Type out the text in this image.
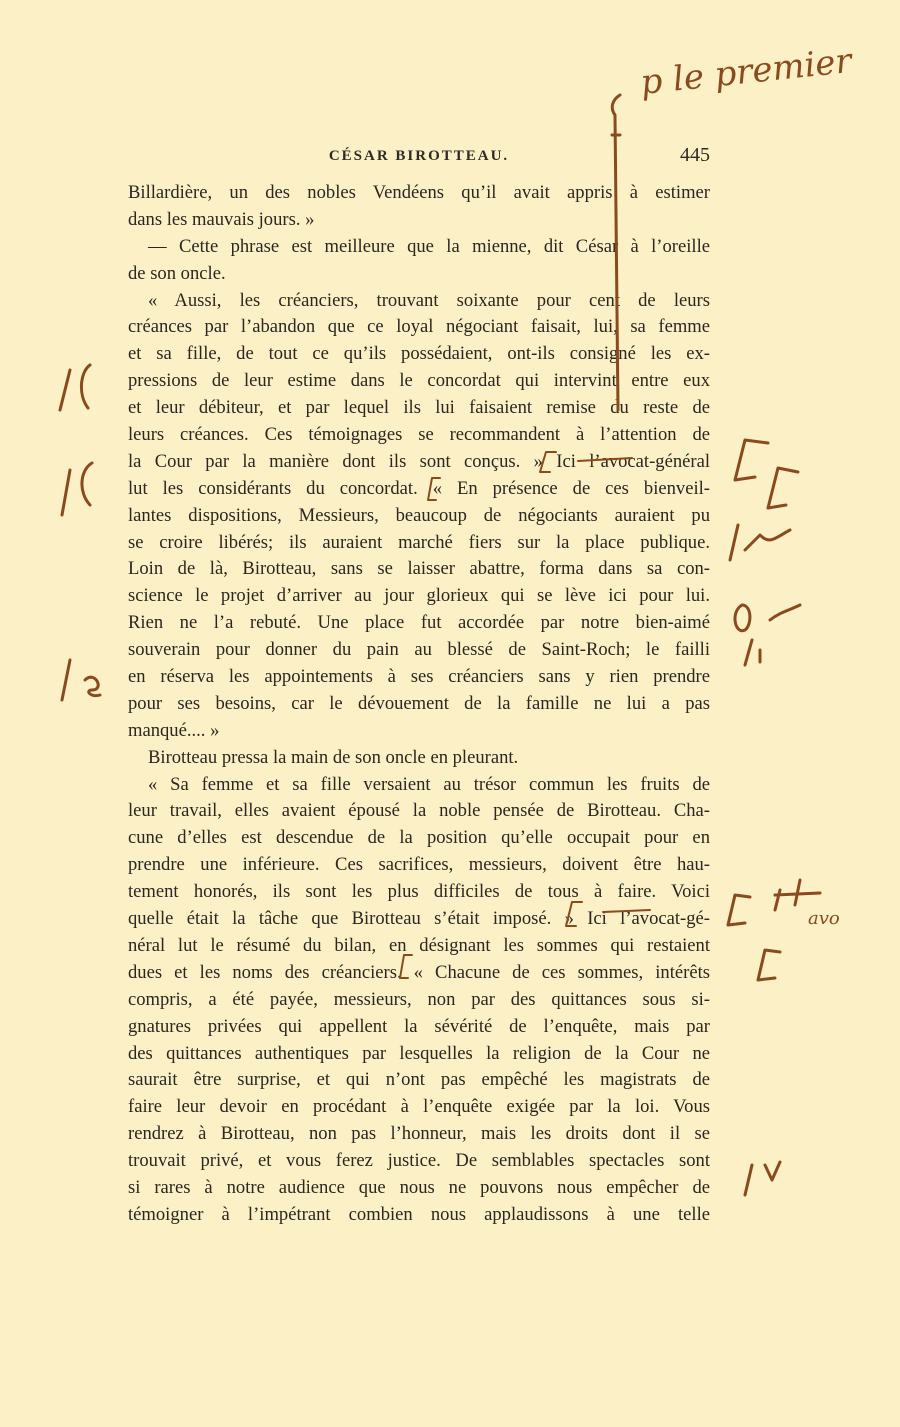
CÉSAR BIROTTEAU.	445
Billardière, un des nobles Vendéens qu’il avait appris à estimer
dans les mauvais jours. »
— Cette phrase est meilleure que la mienne, dit César à l’oreille
de son oncle.
« Aussi, les créanciers, trouvant soixante pour cent de leurs
créances par l’abandon que ce loyal négociant faisait, lui, sa femme
et sa fille, de tout ce qu’ils possédaient, ont-ils consigné les ex-
pressions de leur estime dans le concordat qui intervint entre eux
et leur débiteur, et par lequel ils lui faisaient remise du reste de
leurs créances. Ces témoignages se recommandent à l’attention de
la Cour par la manière dont ils sont conçus. » Ici l’avocat-général
lut les considérants du concordat. « En présence de ces bienveil-
lantes dispositions, Messieurs, beaucoup de négociants auraient pu
se croire libérés; ils auraient marché fiers sur la place publique.
Loin de là, Birotteau, sans se laisser abattre, forma dans sa con-
science le projet d’arriver au jour glorieux qui se lève ici pour lui.
Rien ne l’a rebuté. Une place fut accordée par notre bien-aimé
souverain pour donner du pain au blessé de Saint-Roch; le failli
en réserva les appointements à ses créanciers sans y rien prendre
pour ses besoins, car le dévouement de la famille ne lui a pas
manqué.... »
Birotteau pressa la main de son oncle en pleurant.
« Sa femme et sa fille versaient au trésor commun les fruits de
leur travail, elles avaient épousé la noble pensée de Birotteau. Cha-
cune d’elles est descendue de la position qu’elle occupait pour en
prendre une inférieure. Ces sacrifices, messieurs, doivent être hau-
tement honorés, ils sont les plus difficiles de tous à faire. Voici
quelle était la tâche que Birotteau s’était imposé. » Ici l’avocat-gé-
néral lut le résumé du bilan, en désignant les sommes qui restaient
dues et les noms des créanciers. « Chacune de ces sommes, intérêts
compris, a été payée, messieurs, non par des quittances sous si-
gnatures privées qui appellent la sévérité de l’enquête, mais par
des quittances authentiques par lesquelles la religion de la Cour ne
saurait être surprise, et qui n’ont pas empêché les magistrats de
faire leur devoir en procédant à l’enquête exigée par la loi. Vous
rendrez à Birotteau, non pas l’honneur, mais les droits dont il se
trouvait privé, et vous ferez justice. De semblables spectacles sont
si rares à notre audience que nous ne pouvons nous empêcher de
témoigner à l’impétrant combien nous applaudissons à une telle
p le premier
avo
